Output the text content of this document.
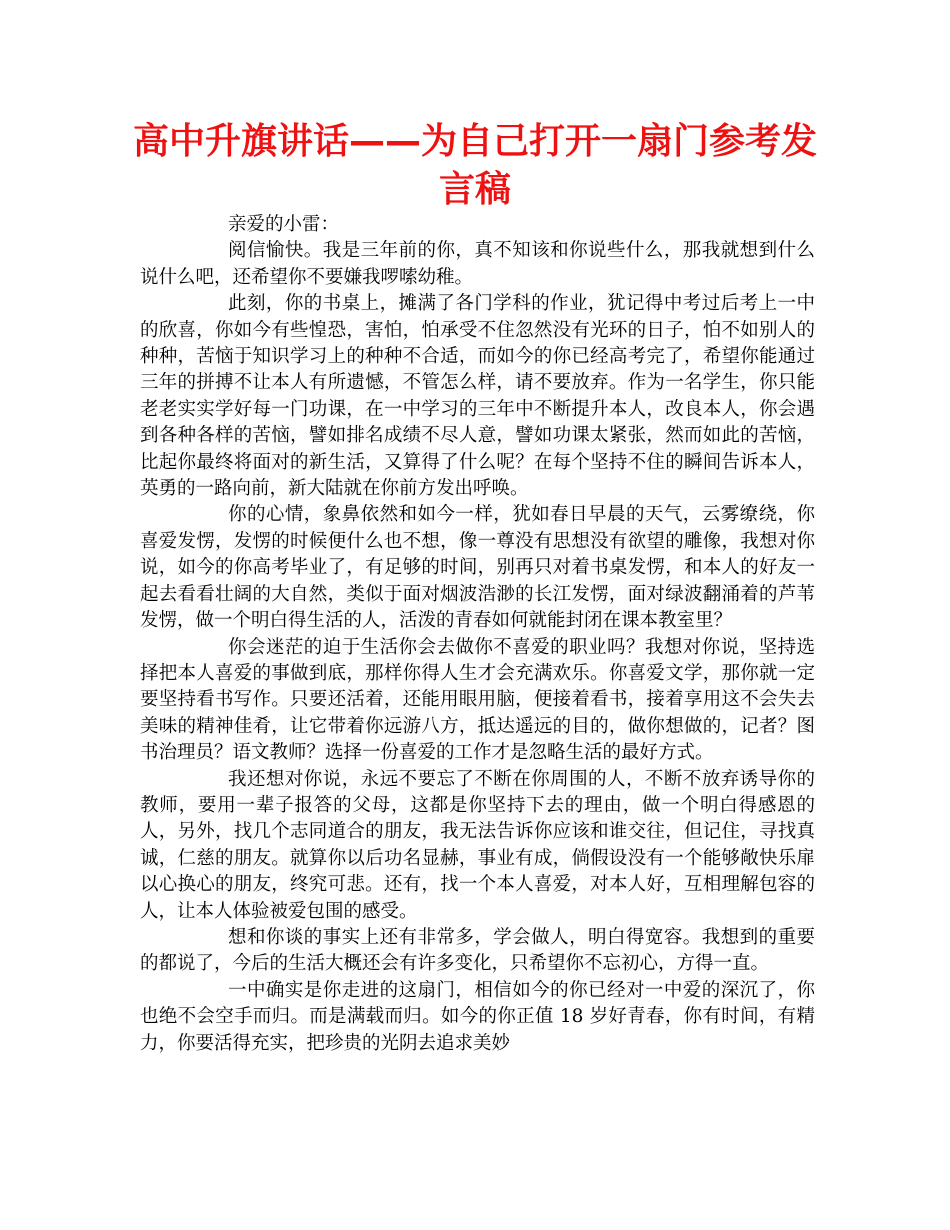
高中升旗讲话——为自己打开一扇门参考发言稿

亲爱的小雷：

阅信愉快。我是三年前的你，真不知该和你说些什么，那我就想到什么说什么吧，还希望你不要嫌我啰嗦幼稚。

此刻，你的书桌上，摊满了各门学科的作业，犹记得中考过后考上一中的欣喜，你如今有些惶恐，害怕，怕承受不住忽然没有光环的日子，怕不如别人的种种，苦恼于知识学习上的种种不合适，而如今的你已经高考完了，希望你能通过三年的拼搏不让本人有所遗憾，不管怎么样，请不要放弃。作为一名学生，你只能老老实实学好每一门功课，在一中学习的三年中不断提升本人，改良本人，你会遇到各种各样的苦恼，譬如排名成绩不尽人意，譬如功课太紧张，然而如此的苦恼，比起你最终将面对的新生活，又算得了什么呢？在每个坚持不住的瞬间告诉本人，英勇的一路向前，新大陆就在你前方发出呼唤。

你的心情，象鼻依然和如今一样，犹如春日早晨的天气，云雾缭绕，你喜爱发愣，发愣的时候便什么也不想，像一尊没有思想没有欲望的雕像，我想对你说，如今的你高考毕业了，有足够的时间，别再只对着书桌发愣，和本人的好友一起去看看壮阔的大自然，类似于面对烟波浩渺的长江发愣，面对绿波翻涌着的芦苇发愣，做一个明白得生活的人，活泼的青春如何就能封闭在课本教室里？

你会迷茫的迫于生活你会去做你不喜爱的职业吗？我想对你说，坚持选择把本人喜爱的事做到底，那样你得人生才会充满欢乐。你喜爱文学，那你就一定要坚持看书写作。只要还活着，还能用眼用脑，便接着看书，接着享用这不会失去美味的精神佳肴，让它带着你远游八方，抵达遥远的目的，做你想做的，记者？图书治理员？语文教师？选择一份喜爱的工作才是忽略生活的最好方式。

我还想对你说，永远不要忘了不断在你周围的人，不断不放弃诱导你的教师，要用一辈子报答的父母，这都是你坚持下去的理由，做一个明白得感恩的人，另外，找几个志同道合的朋友，我无法告诉你应该和谁交往，但记住，寻找真诚，仁慈的朋友。就算你以后功名显赫，事业有成，倘假设没有一个能够敞快乐扉以心换心的朋友，终究可悲。还有，找一个本人喜爱，对本人好，互相理解包容的人，让本人体验被爱包围的感受。

想和你谈的事实上还有非常多，学会做人，明白得宽容。我想到的重要的都说了，今后的生活大概还会有许多变化，只希望你不忘初心，方得一直。

一中确实是你走进的这扇门，相信如今的你已经对一中爱的深沉了，你也绝不会空手而归。而是满载而归。如今的你正值 18 岁好青春，你有时间，有精力，你要活得充实，把珍贵的光阴去追求美妙
